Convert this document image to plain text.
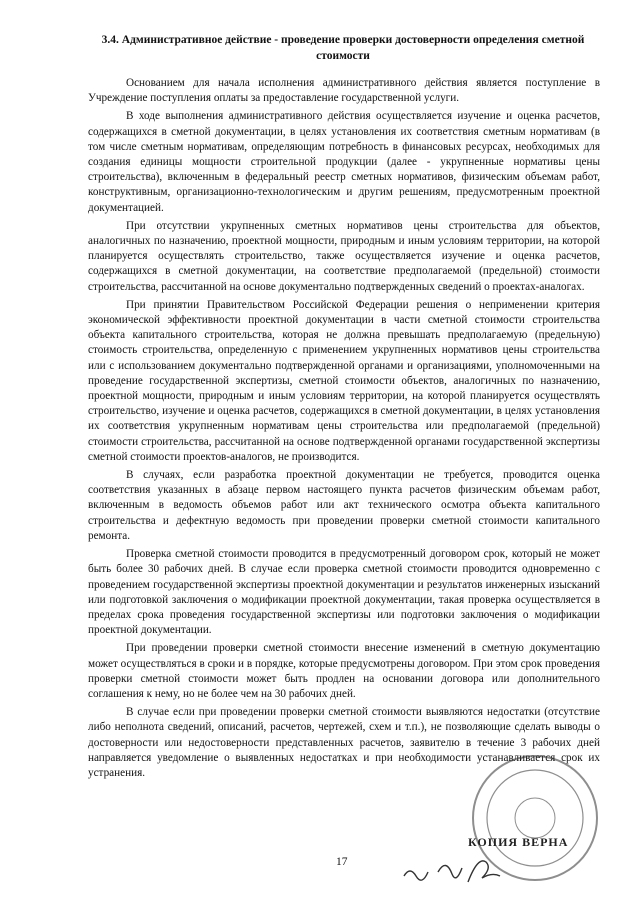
3.4. Административное действие - проведение проверки достоверности определения сметной стоимости

Основанием для начала исполнения административного действия является поступление в Учреждение поступления оплаты за предоставление государственной услуги.

В ходе выполнения административного действия осуществляется изучение и оценка расчетов, содержащихся в сметной документации, в целях установления их соответствия сметным нормативам (в том числе сметным нормативам, определяющим потребность в финансовых ресурсах, необходимых для создания единицы мощности строительной продукции (далее - укрупненные нормативы цены строительства), включенным в федеральный реестр сметных нормативов, физическим объемам работ, конструктивным, организационно-технологическим и другим решениям, предусмотренным проектной документацией.

При отсутствии укрупненных сметных нормативов цены строительства для объектов, аналогичных по назначению, проектной мощности, природным и иным условиям территории, на которой планируется осуществлять строительство, также осуществляется изучение и оценка расчетов, содержащихся в сметной документации, на соответствие предполагаемой (предельной) стоимости строительства, рассчитанной на основе документально подтвержденных сведений о проектах-аналогах.

При принятии Правительством Российской Федерации решения о неприменении критерия экономической эффективности проектной документации в части сметной стоимости строительства объекта капитального строительства, которая не должна превышать предполагаемую (предельную) стоимость строительства, определенную с применением укрупненных нормативов цены строительства или с использованием документально подтвержденной органами и организациями, уполномоченными на проведение государственной экспертизы, сметной стоимости объектов, аналогичных по назначению, проектной мощности, природным и иным условиям территории, на которой планируется осуществлять строительство, изучение и оценка расчетов, содержащихся в сметной документации, в целях установления их соответствия укрупненным нормативам цены строительства или предполагаемой (предельной) стоимости строительства, рассчитанной на основе подтвержденной органами государственной экспертизы сметной стоимости проектов-аналогов, не производится.

В случаях, если разработка проектной документации не требуется, проводится оценка соответствия указанных в абзаце первом настоящего пункта расчетов физическим объемам работ, включенным в ведомость объемов работ или акт технического осмотра объекта капитального строительства и дефектную ведомость при проведении проверки сметной стоимости капитального ремонта.

Проверка сметной стоимости проводится в предусмотренный договором срок, который не может быть более 30 рабочих дней. В случае если проверка сметной стоимости проводится одновременно с проведением государственной экспертизы проектной документации и результатов инженерных изысканий или подготовкой заключения о модификации проектной документации, такая проверка осуществляется в пределах срока проведения государственной экспертизы или подготовки заключения о модификации проектной документации.

При проведении проверки сметной стоимости внесение изменений в сметную документацию может осуществляться в сроки и в порядке, которые предусмотрены договором. При этом срок проведения проверки сметной стоимости может быть продлен на основании договора или дополнительного соглашения к нему, но не более чем на 30 рабочих дней.

В случае если при проведении проверки сметной стоимости выявляются недостатки (отсутствие либо неполнота сведений, описаний, расчетов, чертежей, схем и т.п.), не позволяющие сделать выводы о достоверности или недостоверности представленных расчетов, заявителю в течение 3 рабочих дней направляется уведомление о выявленных недостатках и при необходимости устанавливается срок их устранения.

КОПИЯ ВЕРНА
17
